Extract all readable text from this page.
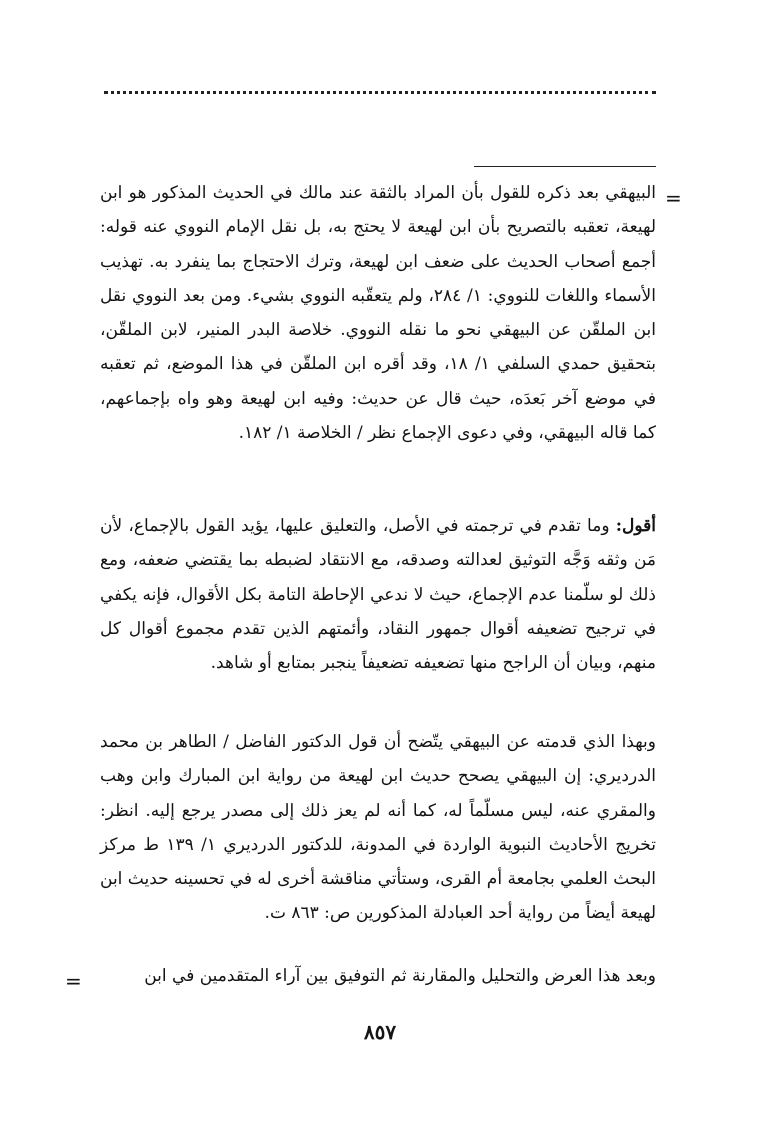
=

البيهقي بعد ذكره للقول بأن المراد بالثقة عند مالك في الحديث المذكور هو ابن لهيعة، تعقبه بالتصريح بأن ابن لهيعة لا يحتج به، بل نقل الإمام النووي عنه قوله: أجمع أصحاب الحديث على ضعف ابن لهيعة، وترك الاحتجاج بما ينفرد به. تهذيب الأسماء واللغات للنووي: ١/ ٢٨٤، ولم يتعقّبه النووي بشيء. ومن بعد النووي نقل ابن الملقّن عن البيهقي نحو ما نقله النووي. خلاصة البدر المنير، لابن الملقّن، بتحقيق حمدي السلفي ١/ ١٨، وقد أقره ابن الملقّن في هذا الموضع، ثم تعقبه في موضع آخر بَعدَه، حيث قال عن حديث: وفيه ابن لهيعة وهو واه بإجماعهم، كما قاله البيهقي، وفي دعوى الإجماع نظر / الخلاصة ١/ ١٨٢.

أقول: وما تقدم في ترجمته في الأصل، والتعليق عليها، يؤيد القول بالإجماع، لأن مَن وثقه وَجَّه التوثيق لعدالته وصدقه، مع الانتقاد لضبطه بما يقتضي ضعفه، ومع ذلك لو سلّمنا عدم الإجماع، حيث لا ندعي الإحاطة التامة بكل الأقوال، فإنه يكفي في ترجيح تضعيفه أقوال جمهور النقاد، وأئمتهم الذين تقدم مجموع أقوال كل منهم، وبيان أن الراجح منها تضعيفه تضعيفاً ينجبر بمتابع أو شاهد.

وبهذا الذي قدمته عن البيهقي يتّضح أن قول الدكتور الفاضل / الطاهر بن محمد الدرديري: إن البيهقي يصحح حديث ابن لهيعة من رواية ابن المبارك وابن وهب والمقري عنه، ليس مسلّماً له، كما أنه لم يعز ذلك إلى مصدر يرجع إليه. انظر: تخريج الأحاديث النبوية الواردة في المدونة، للدكتور الدرديري ١/ ١٣٩ ط مركز البحث العلمي بجامعة أم القرى، وستأتي مناقشة أخرى له في تحسينه حديث ابن لهيعة أيضاً من رواية أحد العبادلة المذكورين ص: ٨٦٣ ت.

وبعد هذا العرض والتحليل والمقارنة ثم التوفيق بين آراء المتقدمين في ابن

=
٨٥٧
